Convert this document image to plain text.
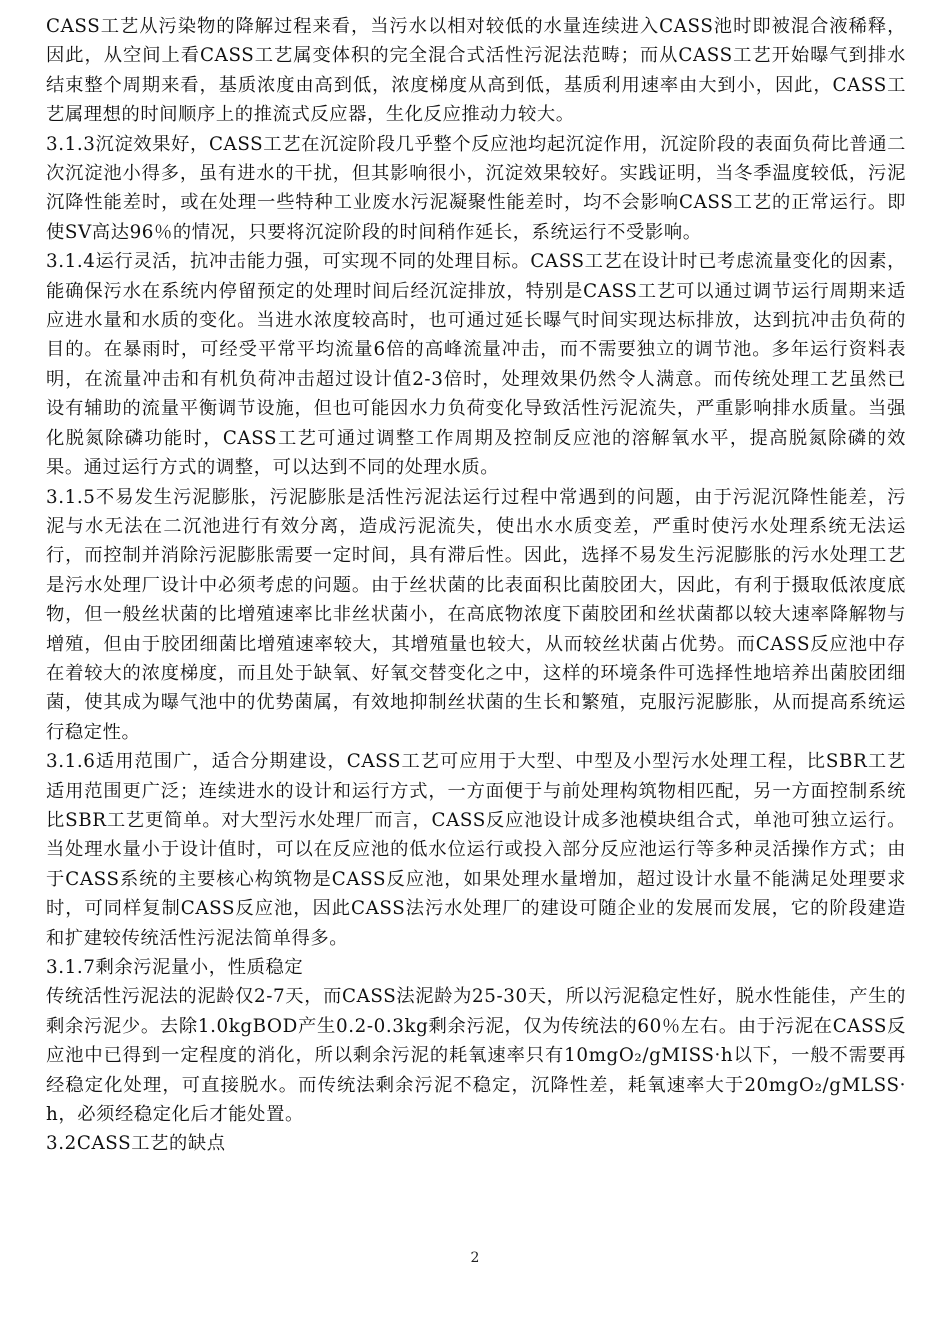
CASS工艺从污染物的降解过程来看，当污水以相对较低的水量连续进入CASS池时即被混合液稀释，因此，从空间上看CASS工艺属变体积的完全混合式活性污泥法范畴；而从CASS工艺开始曝气到排水结束整个周期来看，基质浓度由高到低，浓度梯度从高到低，基质利用速率由大到小，因此，CASS工艺属理想的时间顺序上的推流式反应器，生化反应推动力较大。

3.1.3沉淀效果好，CASS工艺在沉淀阶段几乎整个反应池均起沉淀作用，沉淀阶段的表面负荷比普通二次沉淀池小得多，虽有进水的干扰，但其影响很小，沉淀效果较好。实践证明，当冬季温度较低，污泥沉降性能差时，或在处理一些特种工业废水污泥凝聚性能差时，均不会影响CASS工艺的正常运行。即使SV高达96％的情况，只要将沉淀阶段的时间稍作延长，系统运行不受影响。

3.1.4运行灵活，抗冲击能力强，可实现不同的处理目标。CASS工艺在设计时已考虑流量变化的因素，能确保污水在系统内停留预定的处理时间后经沉淀排放，特别是CASS工艺可以通过调节运行周期来适应进水量和水质的变化。当进水浓度较高时，也可通过延长曝气时间实现达标排放，达到抗冲击负荷的目的。在暴雨时，可经受平常平均流量6倍的高峰流量冲击，而不需要独立的调节池。多年运行资料表明，在流量冲击和有机负荷冲击超过设计值2-3倍时，处理效果仍然令人满意。而传统处理工艺虽然已设有辅助的流量平衡调节设施，但也可能因水力负荷变化导致活性污泥流失，严重影响排水质量。当强化脱氮除磷功能时，CASS工艺可通过调整工作周期及控制反应池的溶解氧水平，提高脱氮除磷的效果。通过运行方式的调整，可以达到不同的处理水质。

3.1.5不易发生污泥膨胀，污泥膨胀是活性污泥法运行过程中常遇到的问题，由于污泥沉降性能差，污泥与水无法在二沉池进行有效分离，造成污泥流失，使出水水质变差，严重时使污水处理系统无法运行，而控制并消除污泥膨胀需要一定时间，具有滞后性。因此，选择不易发生污泥膨胀的污水处理工艺是污水处理厂设计中必须考虑的问题。由于丝状菌的比表面积比菌胶团大，因此，有利于摄取低浓度底物，但一般丝状菌的比增殖速率比非丝状菌小，在高底物浓度下菌胶团和丝状菌都以较大速率降解物与增殖，但由于胶团细菌比增殖速率较大，其增殖量也较大，从而较丝状菌占优势。而CASS反应池中存在着较大的浓度梯度，而且处于缺氧、好氧交替变化之中，这样的环境条件可选择性地培养出菌胶团细菌，使其成为曝气池中的优势菌属，有效地抑制丝状菌的生长和繁殖，克服污泥膨胀，从而提高系统运行稳定性。

3.1.6适用范围广，适合分期建设，CASS工艺可应用于大型、中型及小型污水处理工程，比SBR工艺适用范围更广泛；连续进水的设计和运行方式，一方面便于与前处理构筑物相匹配，另一方面控制系统比SBR工艺更简单。对大型污水处理厂而言，CASS反应池设计成多池模块组合式，单池可独立运行。当处理水量小于设计值时，可以在反应池的低水位运行或投入部分反应池运行等多种灵活操作方式；由于CASS系统的主要核心构筑物是CASS反应池，如果处理水量增加，超过设计水量不能满足处理要求时，可同样复制CASS反应池，因此CASS法污水处理厂的建设可随企业的发展而发展，它的阶段建造和扩建较传统活性污泥法简单得多。

3.1.7剩余污泥量小，性质稳定

传统活性污泥法的泥龄仅2-7天，而CASS法泥龄为25-30天，所以污泥稳定性好，脱水性能佳，产生的剩余污泥少。去除1.0kgBOD产生0.2-0.3kg剩余污泥，仅为传统法的60％左右。由于污泥在CASS反应池中已得到一定程度的消化，所以剩余污泥的耗氧速率只有10mgO₂/gMISS·h以下，一般不需要再经稳定化处理，可直接脱水。而传统法剩余污泥不稳定，沉降性差，耗氧速率大于20mgO₂/gMLSS·h，必须经稳定化后才能处置。

3.2CASS工艺的缺点

2
